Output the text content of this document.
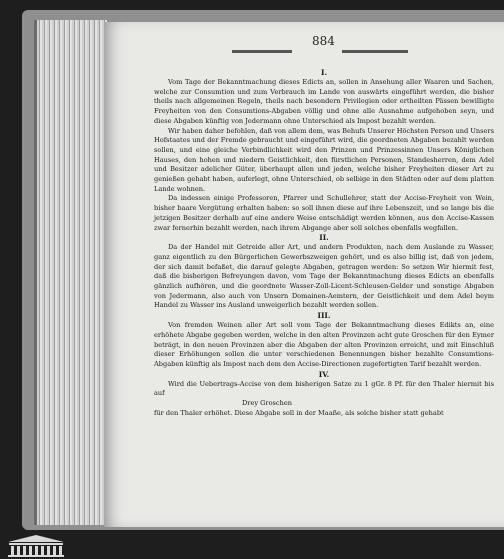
884
I.

Vom Tage der Bekanntmachung dieses Edicts an, sollen in Ansehung aller Waaren und Sachen, welche zur Consumtion und zum Verbrauch im Lande von auswärts eingeführt werden, die bisher theils nach allgemeinen Regeln, theils nach besondern Privilegien oder ertheilten Pässen bewilligte Freyheiten von den Consumtions-Abgaben völlig und ohne alle Ausnahme aufgehoben seyn, und diese Abgaben künftig von Jedermann ohne Unterschied als Impost bezahlt werden.

Wir haben daher befohlen, daß von allem dem, was Behufs Unserer Höchsten Person und Unsers Hofstaates und der Fremde gebraucht und eingeführt wird, die geordneten Abgaben bezahlt werden sollen, und eine gleiche Verbindlichkeit wird den Prinzen und Prinzessinnen Unsers Königlichen Hauses, den hohen und niedern Geistlichkeit, den fürstlichen Personen, Standesherren, dem Adel und Besitzer adelicher Güter, überhaupt allen und jeden, welche bisher Freyheiten dieser Art zu genießen gehabt haben, auferlegt, ohne Unterschied, ob selbige in den Städten oder auf dem platten Lande wohnen.

Da indessen einige Professoren, Pfarrer und Schullehrer, statt der Accise-Freyheit von Wein, bisher baare Vergütung erhalten haben: so soll ihnen diese auf ihre Lebenszeit, und so lange bis die jetzigen Besitzer derhalb auf eine andere Weise entschädigt werden können, aus den Accise-Kassen zwar fernerhin bezahlt werden, nach ihrem Abgange aber soll solches ebenfalls wegfallen.

II.

Da der Handel mit Getreide aller Art, und andern Produkten, nach dem Auslande zu Wasser, ganz eigentlich zu den Bürgerlichen Gewerbszweigen gehört, und es also billig ist, daß von jedem, der sich damit befaßet, die darauf gelegte Abgaben, getragen werden: So setzen Wir hiermit fest, daß die bisherigen Befreyungen davon, vom Tage der Bekanntmachung dieses Edicts an ebenfalls gänzlich aufhören, und die geordnete Wasser-Zoll-Licent-Schleusen-Gelder und sonstige Abgaben von Jedermann, also auch von Unsern Domainen-Aemtern, der Geistlichkeit und dem Adel beym Handel zu Wasser ins Ausland unweigerlich bezahlt werden sollen.

III.

Von fremden Weinen aller Art soll vom Tage der Bekanntmachung dieses Edikts an, eine erhöhete Abgabe gegeben werden, welche in den alten Provinzen acht gute Groschen für den Eymer beträgt, in den neuen Provinzen aber die Abgaben der alten Provinzen erreicht, und mit Einschluß dieser Erhöhungen sollen die unter verschiedenen Benennungen bisher bezahlte Consumtions-Abgaben künftig als Impost nach dem den Accise-Directionen zugefertigten Tarif bezahlt werden.

IV.

Wird die Uebertrags-Accise von dem bisherigen Satze zu 1 gGr. 8 Pf. für den Thaler hiermit bis auf

Drey Groschen

für den Thaler erhöhet. Diese Abgabe soll in der Maaße, als solche bisher statt gehabt
